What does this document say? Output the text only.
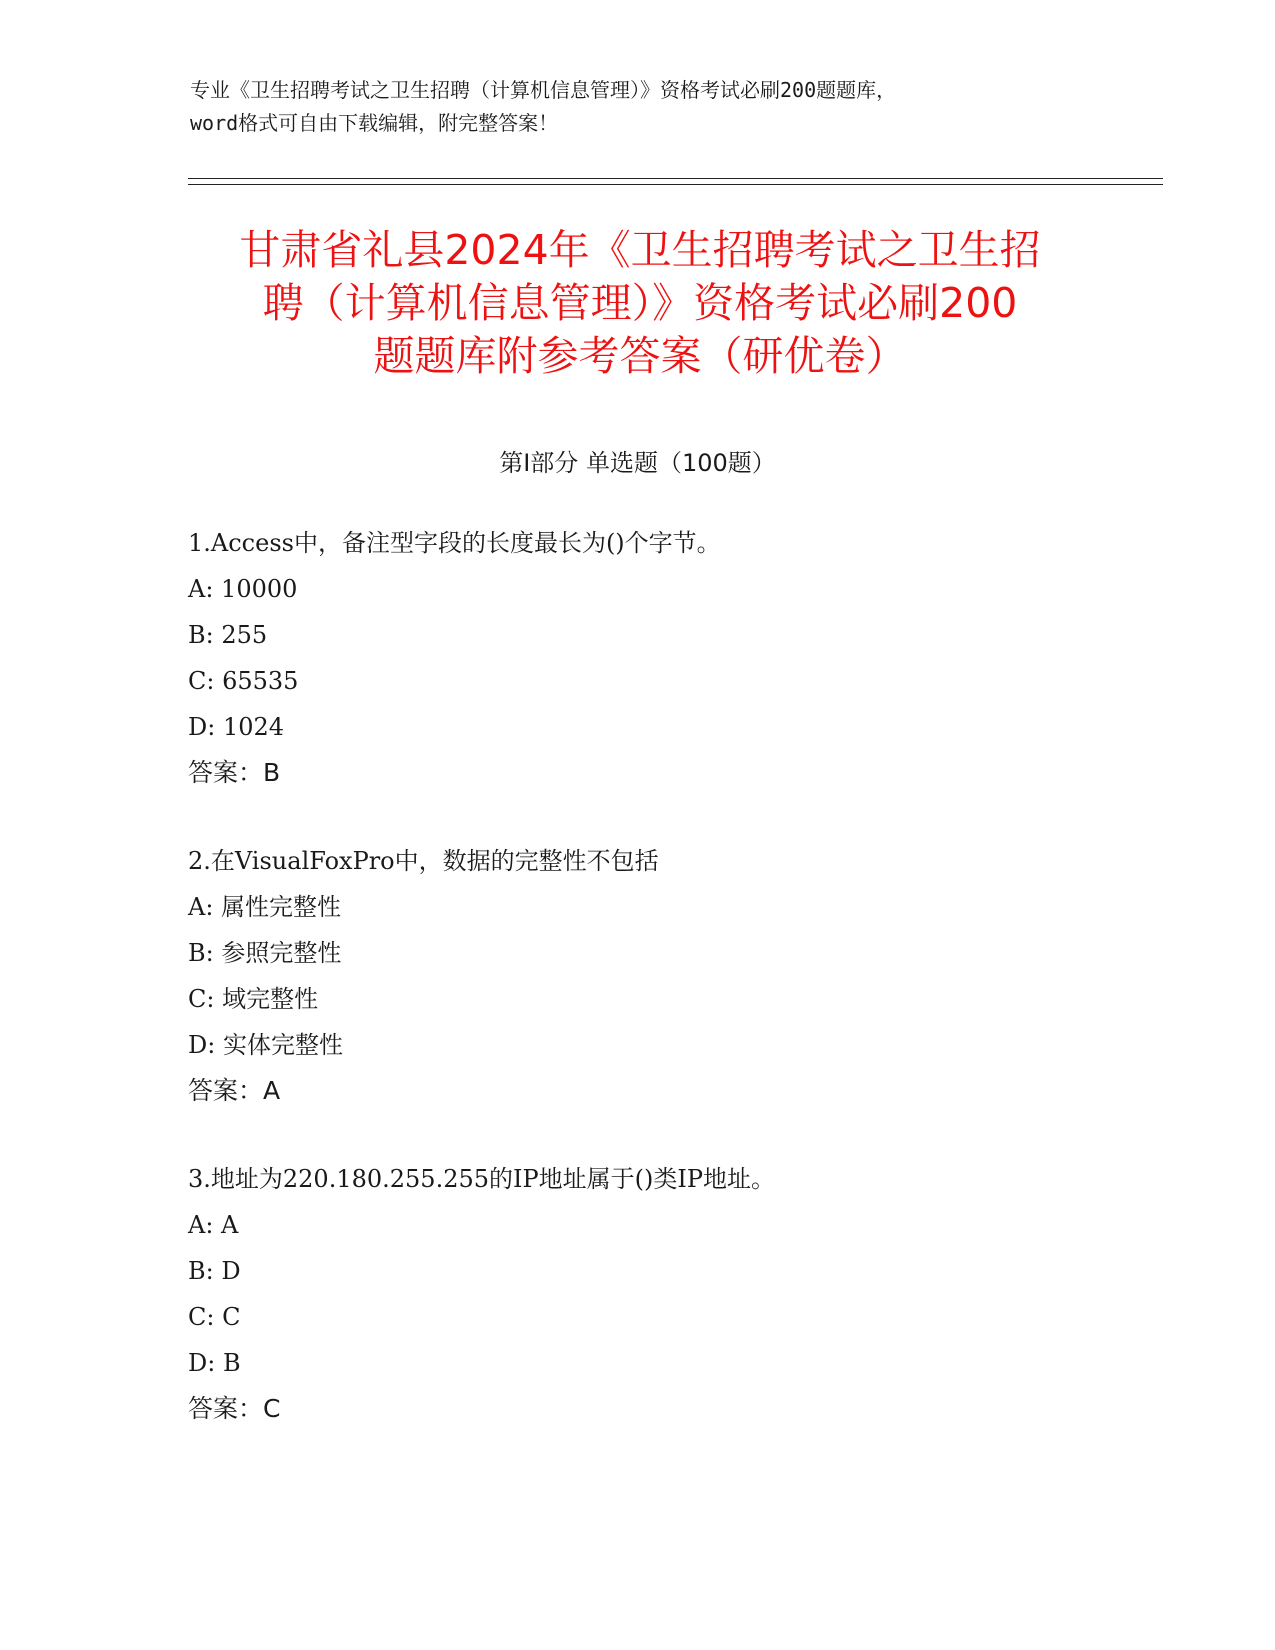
专业《卫生招聘考试之卫生招聘（计算机信息管理）》资格考试必刷200题题库，
word格式可自由下载编辑，附完整答案！
甘肃省礼县2024年《卫生招聘考试之卫生招
聘（计算机信息管理）》资格考试必刷200
题题库附参考答案（研优卷）
第Ⅰ部分 单选题（100题）
1.Access中，备注型字段的长度最长为()个字节。
A: 10000
B: 255
C: 65535
D: 1024
答案：B
2.在VisualFoxPro中，数据的完整性不包括
A: 属性完整性
B: 参照完整性
C: 域完整性
D: 实体完整性
答案：A
3.地址为220.180.255.255的IP地址属于()类IP地址。
A: A
B: D
C: C
D: B
答案：C
